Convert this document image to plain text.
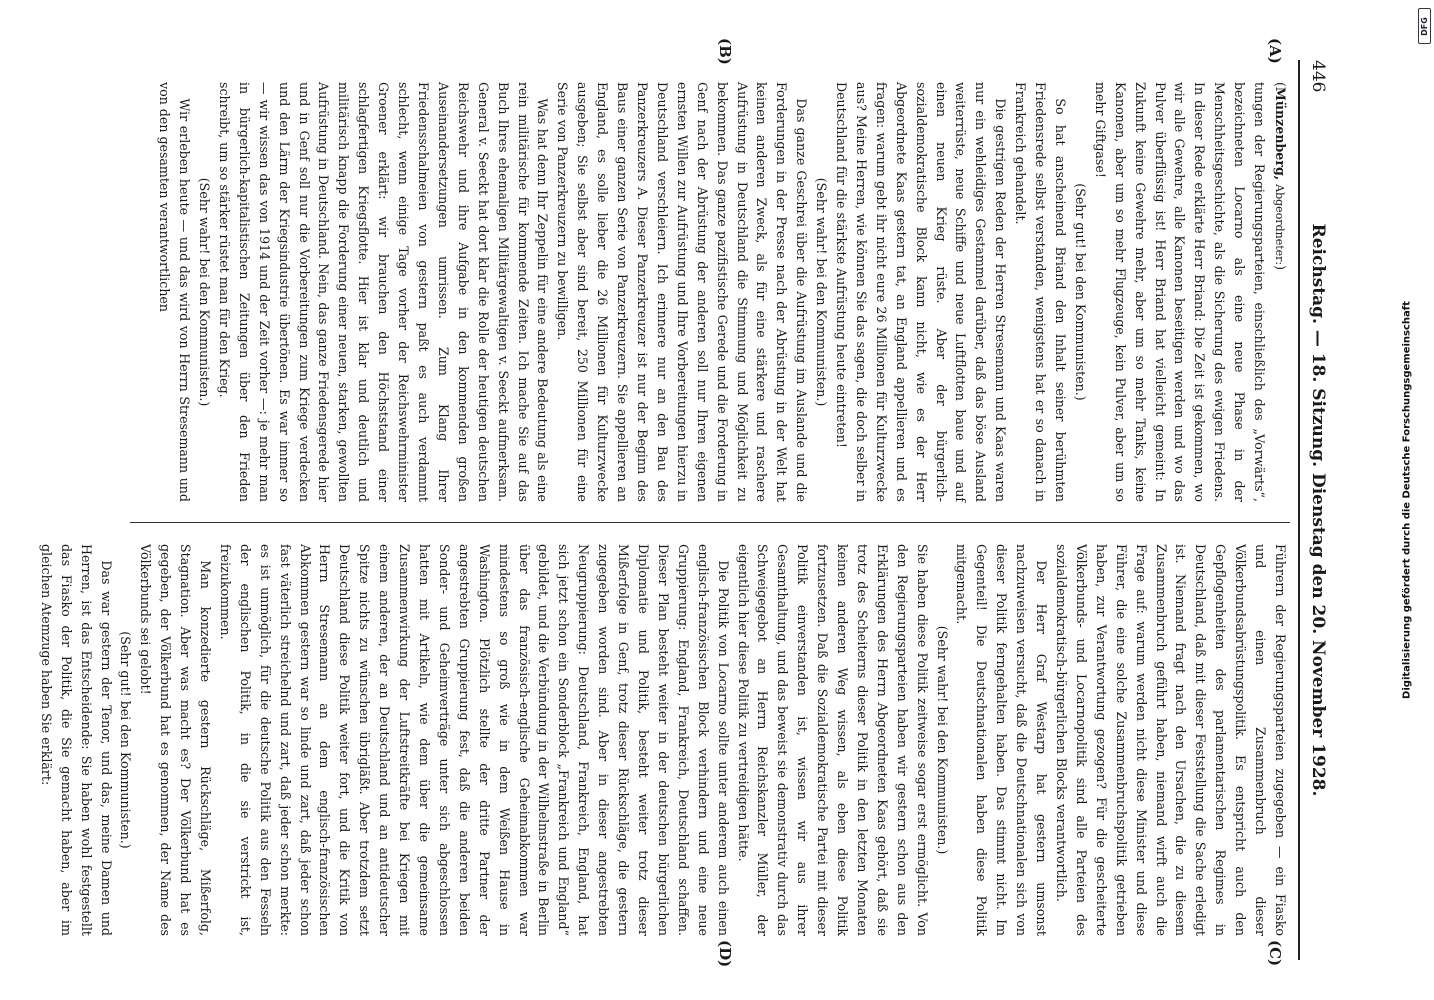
446
Reichstag. — 18. Sitzung. Dienstag den 20. November 1928.
(A)
(B)
(C)
(D)

(Münzenberg, Abgeordneter:)

tungen der Regierungsparteien, einschließlich des „Vorwärts“, bezeichneten Locarno als eine neue Phase in der Menschheitsgeschichte, als die Sicherung des ewigen Friedens. In dieser Rede erklärte Herr Briand: Die Zeit ist gekommen, wo wir alle Gewehre, alle Kanonen beseitigen werden und wo das Pulver überflüssig ist! Herr Briand hat vielleicht gemeint: In Zukunft keine Gewehre mehr, aber um so mehr Tanks, keine Kanonen, aber um so mehr Flugzeuge, kein Pulver, aber um so mehr Giftgase!

(Sehr gut! bei den Kommunisten.)

So hat anscheinend Briand den Inhalt seiner berühmten Friedensrede selbst verstanden, wenigstens hat er so danach in Frankreich gehandelt.

Die gestrigen Reden der Herren Stresemann und Kaas waren nur ein wehleidiges Gestammel darüber, daß das böse Ausland weiterrüste, neue Schiffe und neue Luftflotten baue und auf einen neuen Krieg rüste. Aber der bürgerlich-sozialdemokratische Block kann nicht, wie es der Herr Abgeordnete Kaas gestern tat, an England appellieren und es fragen: warum gebt ihr nicht eure 26 Millionen für Kulturzwecke aus? Meine Herren, wie können Sie das sagen, die doch selber in Deutschland für die stärkste Aufrüstung heute eintreten!

(Sehr wahr! bei den Kommunisten.)

Das ganze Geschrei über die Aufrüstung im Auslande und die Forderungen in der Presse nach der Abrüstung in der Welt hat keinen anderen Zweck, als für eine stärkere und raschere Aufrüstung in Deutschland die Stimmung und Möglichkeit zu bekommen. Das ganze pazifistische Gerede und die Forderung in Genf nach der Abrüstung der anderen soll nur Ihren eigenen ernsten Willen zur Aufrüstung und Ihre Vorbereitungen hierzu in Deutschland verschleiern. Ich erinnere nur an den Bau des Panzerkreuzers A. Dieser Panzerkreuzer ist nur der Beginn des Baus einer ganzen Serie von Panzerkreuzern. Sie appellieren an England, es solle lieber die 26 Millionen für Kulturzwecke ausgeben; Sie selbst aber sind bereit, 250 Millionen für eine Serie von Panzerkreuzern zu bewilligen.

Was hat denn Ihr Zeppelin für eine andere Bedeutung als eine rein militärische für kommende Zeiten. Ich mache Sie auf das Buch Ihres ehemaligen Militärgewaltigen v. Seeckt aufmerksam. General v. Seeckt hat dort klar die Rolle der heutigen deutschen Reichswehr und ihre Aufgabe in den kommenden großen Auseinandersetzungen umrissen. Zum Klang Ihrer Friedensschalmeien von gestern paßt es auch verdammt schlecht, wenn einige Tage vorher der Reichswehrminister Groener erklärt: wir brauchen den Höchststand einer schlagfertigen Kriegsflotte. Hier ist klar und deutlich und militärisch knapp die Forderung einer neuen, starken, gewollten Aufrüstung in Deutschland. Nein, das ganze Friedensgerede hier und in Genf soll nur die Vorbereitungen zum Kriege verdecken und den Lärm der Kriegsindustrie übertönen. Es war immer so — wir wissen das von 1914 und der Zeit vorher —: je mehr man in bürgerlich-kapitalistischen Zeitungen über den Frieden schreibt, um so stärker rüstet man für den Krieg.

(Sehr wahr! bei den Kommunisten.)

Wir erleben heute — und das wird von Herrn Stresemann und von den gesamten verantwortlichen

Führern der Regierungsparteien zugegeben — ein Fiasko und einen Zusammenbruch dieser Völkerbundsabrüstungspolitik. Es entspricht auch den Gepflogenheiten des parlamentarischen Regimes in Deutschland, daß mit dieser Feststellung die Sache erledigt ist. Niemand fragt nach den Ursachen, die zu diesem Zusammenbruch geführt haben, niemand wirft auch die Frage auf: warum werden nicht diese Minister und diese Führer, die eine solche Zusammenbruchspolitik getrieben haben, zur Verantwortung gezogen? Für die gescheiterte Völkerbunds- und Locarnopolitik sind alle Parteien des sozialdemokratisch-bürgerlichen Blocks verantwortlich.

Der Herr Graf Westarp hat gestern umsonst nachzuweisen versucht, daß die Deutschnationalen sich von dieser Politik ferngehalten haben. Das stimmt nicht. Im Gegenteil! Die Deutschnationalen haben diese Politik mitgemacht.

(Sehr wahr! bei den Kommunisten.)

Sie haben diese Politik zeitweise sogar erst ermöglicht. Von den Regierungsparteien haben wir gestern schon aus den Erklärungen des Herrn Abgeordneten Kaas gehört, daß sie trotz des Scheiterns dieser Politik in den letzten Monaten keinen anderen Weg wissen, als eben diese Politik fortzusetzen. Daß die Sozialdemokratische Partei mit dieser Politik einverstanden ist, wissen wir aus ihrer Gesamthaltung, und das beweist sie demonstrativ durch das Schweigegebot an Herrn Reichskanzler Müller, der eigentlich hier diese Politik zu vertreidigen hätte.

Die Politik von Locarno sollte unter anderem auch einen englisch-französischen Block verhindern und eine neue Gruppierung: England, Frankreich, Deutschland schaffen. Dieser Plan besteht weiter in der deutschen bürgerlichen Diplomatie und Politik, besteht weiter trotz dieser Mißerfolge in Genf, trotz dieser Rückschläge, die gestern zugegeben worden sind. Aber in dieser angestrebten Neugruppierung: Deutschland, Frankreich, England, hat sich jetzt schon ein Sonderblock „Frankreich und England“ gebildet, und die Verbündung in der Wilhelmstraße in Berlin über das französisch-englische Geheimabkommen war mindestens so groß wie in dem Weißen Hause in Washington. Plötzlich stellte der dritte Partner der angestrebten Gruppierung fest, daß die anderen beiden Sonder- und Geheimverträge unter sich abgeschlossen hatten mit Artikeln, wie dem über die gemeinsame Zusammenwirkung der Luftstreitkräfte bei Kriegen mit einem anderen, der an Deutschland und an antideutscher Spitze nichts zu wünschen übrigläßt. Aber trotzdem setzt Deutschland diese Politik weiter fort, und die Kritik von Herrn Stresemann an dem englisch-französischen Abkommen gestern war so linde und zart, daß jeder schon fast väterlich streichelnd und zart, daß jeder schon merkte: es ist unmöglich, für die deutsche Politik aus den Fesseln der englischen Politik, in die sie verstrickt ist, freizukommen.

Man konzedierte gestern Rückschläge, Mißerfolg, Stagnation. Aber was macht es? Der Völkerbund hat es gegeben, der Völkerbund hat es genommen, der Name des Völkerbunds sei gelobt!

(Sehr gut! bei den Kommunisten.)

Das war gestern der Tenor, und das, meine Damen und Herren, ist das Entscheidende: Sie haben wohl festgestellt das Fiasko der Politik, die Sie gemacht haben, aber im gleichen Atemzuge haben Sie erklärt:	Digitalisierung gefördert durch die Deutsche Forschungsgemeinschaft
DFG
